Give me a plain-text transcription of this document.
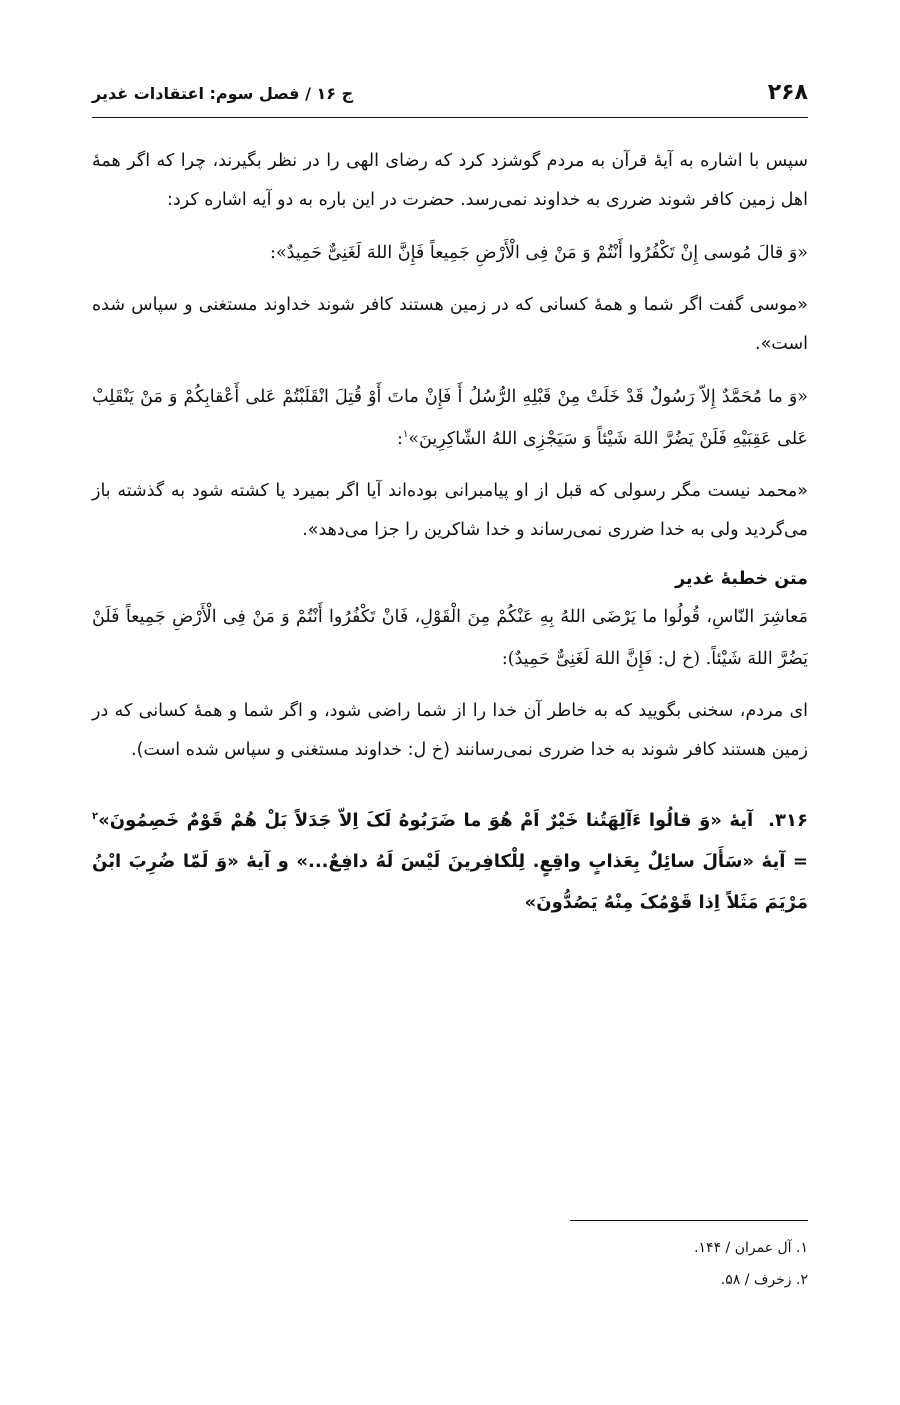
۲۶۸
ج ۱۶ / فصل سوم: اعتقادات غدیر

سپس با اشاره به آیهٔ قرآن به مردم گوشزد کرد که رضای الهی را در نظر بگیرند، چرا که اگر همهٔ اهل زمین کافر شوند ضرری به خداوند نمی‌رسد. حضرت در این باره به دو آیه اشاره کرد:

«وَ قالَ مُوسی إِنْ تَکْفُرُوا أَنْتُمْ وَ مَنْ فِی الْأَرْضِ جَمِیعاً فَإِنَّ اللهَ لَغَنِیٌّ حَمِیدٌ»:

«موسی گفت اگر شما و همهٔ کسانی که در زمین هستند کافر شوند خداوند مستغنی و سپاس شده است».

«وَ ما مُحَمَّدٌ إِلاّ رَسُولٌ قَدْ خَلَتْ مِنْ قَبْلِهِ الرُّسُلُ أَ فَإِنْ ماتَ أَوْ قُتِلَ انْقَلَبْتُمْ عَلی أَعْقابِکُمْ وَ مَنْ یَنْقَلِبْ عَلی عَقِبَیْهِ فَلَنْ یَضُرَّ اللهَ شَیْئاً وَ سَیَجْزِی اللهُ الشّاکِرِینَ»$^۱$:

«محمد نیست مگر رسولی که قبل از او پیامبرانی بوده‌اند آیا اگر بمیرد یا کشته شود به گذشته باز می‌گردید ولی به خدا ضرری نمی‌رساند و خدا شاکرین را جزا می‌دهد».

متن خطبهٔ غدیر

مَعاشِرَ النّاسِ، قُولُوا ما یَرْضَی اللهُ بِهِ عَنْکُمْ مِنَ الْقَوْلِ، فَانْ تَکْفُرُوا أَنْتُمْ وَ مَنْ فِی الْأَرْضِ جَمِیعاً فَلَنْ یَضُرَّ اللهَ شَیْئاً. (خ ل: فَإِنَّ اللهَ لَغَنِیٌّ حَمِیدٌ):

ای مردم، سخنی بگویید که به خاطر آن خدا را از شما راضی شود، و اگر شما و همهٔ کسانی که در زمین هستند کافر شوند به خدا ضرری نمی‌رسانند (خ ل: خداوند مستغنی و سپاس شده است).

۳۱۶.  آیهٔ «وَ قالُوا ءَآلِهَتُنا خَیْرٌ اَمْ هُوَ ما ضَرَبُوهُ لَکَ اِلاّ جَدَلاً بَلْ هُمْ قَوْمٌ خَصِمُونَ»$^۲$ = آیهٔ «سَأَلَ سائِلٌ بِعَذابٍ واقِعٍ. لِلْکافِرینَ لَیْسَ لَهُ دافِعٌ...» و آیهٔ «وَ لَمّا ضُرِبَ ابْنُ مَرْیَمَ مَثَلاً اِذا قَوْمُکَ مِنْهُ یَصُدُّونَ»

۱. آل عمران / ۱۴۴.

۲. زخرف / ۵۸.
